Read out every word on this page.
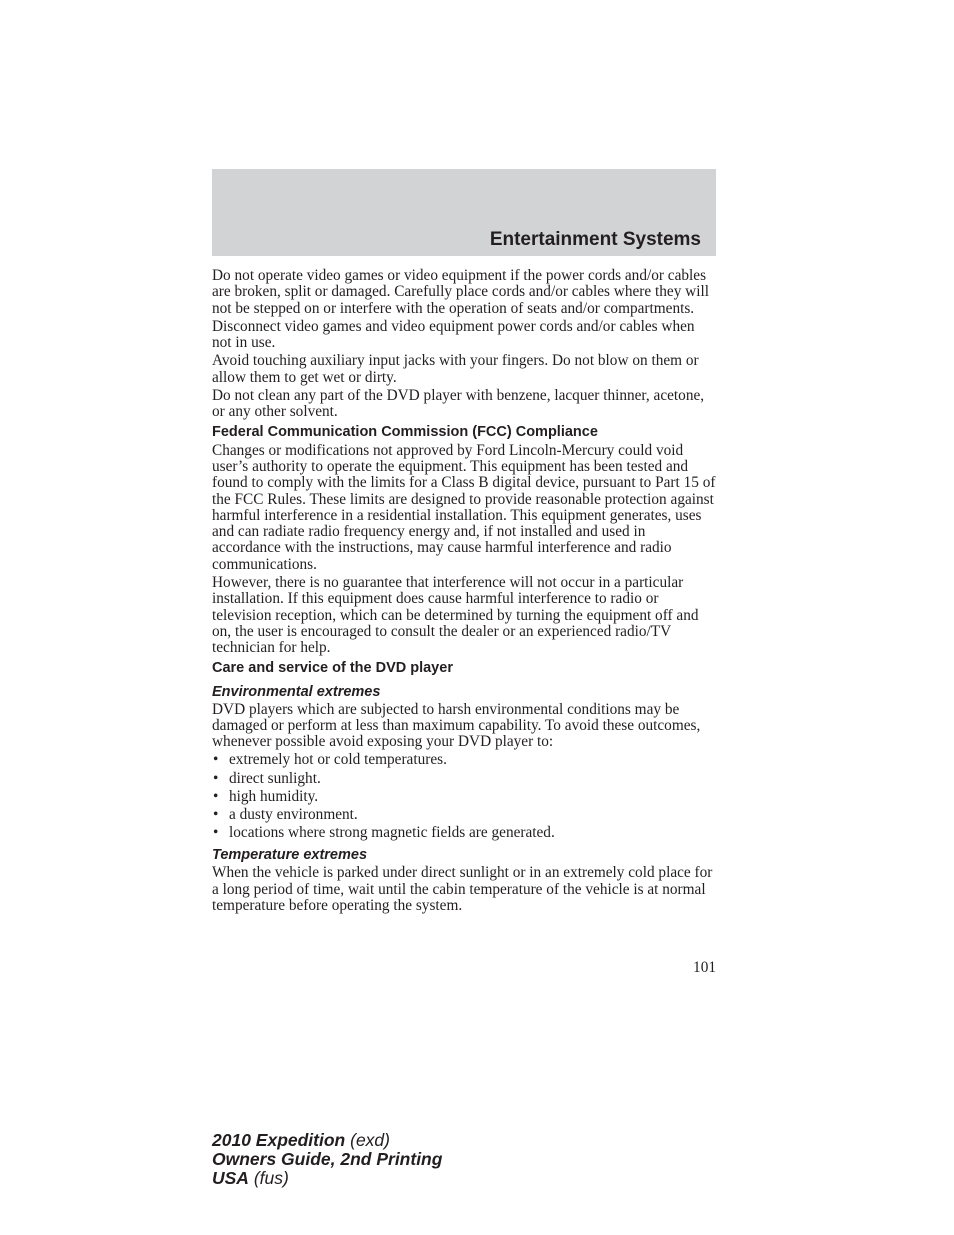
Entertainment Systems

Do not operate video games or video equipment if the power cords and/or cables are broken, split or damaged. Carefully place cords and/or cables where they will not be stepped on or interfere with the operation of seats and/or compartments.

Disconnect video games and video equipment power cords and/or cables when not in use.

Avoid touching auxiliary input jacks with your fingers. Do not blow on them or allow them to get wet or dirty.

Do not clean any part of the DVD player with benzene, lacquer thinner, acetone, or any other solvent.

Federal Communication Commission (FCC) Compliance

Changes or modifications not approved by Ford Lincoln-Mercury could void user’s authority to operate the equipment. This equipment has been tested and found to comply with the limits for a Class B digital device, pursuant to Part 15 of the FCC Rules. These limits are designed to provide reasonable protection against harmful interference in a residential installation. This equipment generates, uses and can radiate radio frequency energy and, if not installed and used in accordance with the instructions, may cause harmful interference and radio communications.

However, there is no guarantee that interference will not occur in a particular installation. If this equipment does cause harmful interference to radio or television reception, which can be determined by turning the equipment off and on, the user is encouraged to consult the dealer or an experienced radio/TV technician for help.

Care and service of the DVD player
Environmental extremes

DVD players which are subjected to harsh environmental conditions may be damaged or perform at less than maximum capability. To avoid these outcomes, whenever possible avoid exposing your DVD player to:

• extremely hot or cold temperatures.
• direct sunlight.
• high humidity.
• a dusty environment.
• locations where strong magnetic fields are generated.
Temperature extremes

When the vehicle is parked under direct sunlight or in an extremely cold place for a long period of time, wait until the cabin temperature of the vehicle is at normal temperature before operating the system.

101
2010 Expedition (exd)
Owners Guide, 2nd Printing
USA (fus)
